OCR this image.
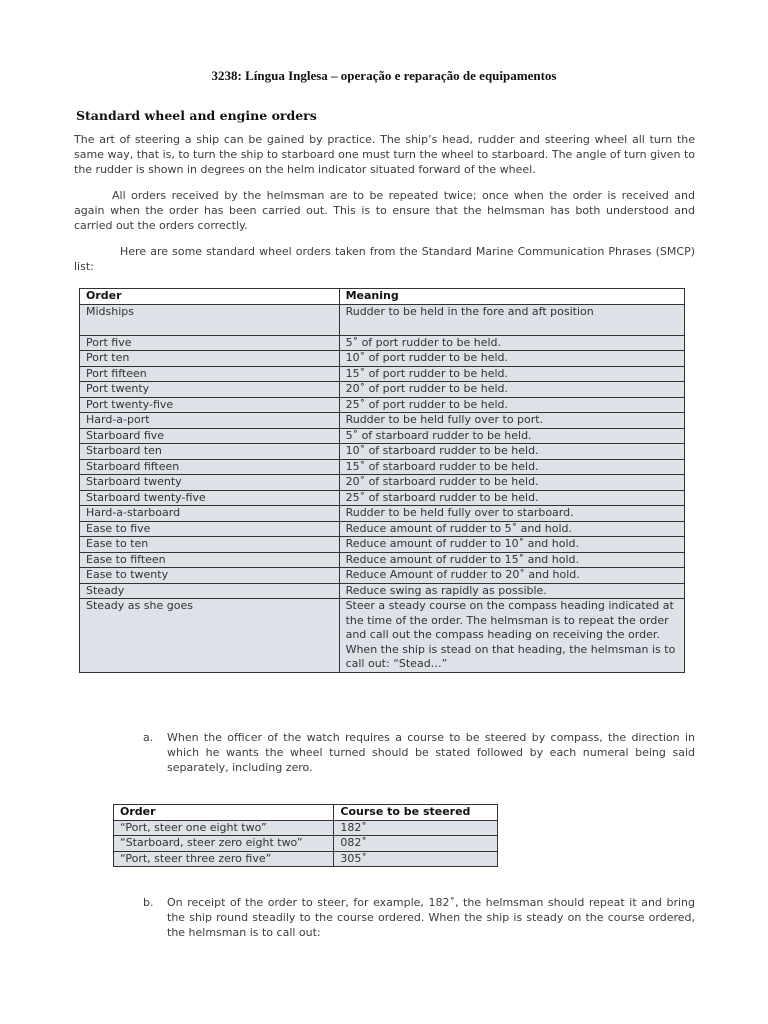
3238: Língua Inglesa – operação e reparação de equipamentos
Standard wheel and engine orders
The art of steering a ship can be gained by practice. The ship’s head, rudder and steering wheel all turn the same way, that is, to turn the ship to starboard one must turn the wheel to starboard. The angle of turn given to the rudder is shown in degrees on the helm indicator situated forward of the wheel.
All orders received by the helmsman are to be repeated twice; once when the order is received and again when the order has been carried out. This is to ensure that the helmsman has both understood and carried out the orders correctly.
Here are some standard wheel orders taken from the Standard Marine Communication Phrases (SMCP) list:
Order	Meaning
Midships	Rudder to be held in the fore and aft position
Port five	5˚ of port rudder to be held.
Port ten	10˚ of port rudder to be held.
Port fifteen	15˚ of port rudder to be held.
Port twenty	20˚ of port rudder to be held.
Port twenty-five	25˚ of port rudder to be held.
Hard-a-port	Rudder to be held fully over to port.
Starboard five	5˚ of starboard rudder to be held.
Starboard ten	10˚ of starboard rudder to be held.
Starboard fifteen	15˚ of starboard rudder to be held.
Starboard twenty	20˚ of starboard rudder to be held.
Starboard twenty-five	25˚ of starboard rudder to be held.
Hard-a-starboard	Rudder to be held fully over to starboard.
Ease to five	Reduce amount of rudder to 5˚ and hold.
Ease to ten	Reduce amount of rudder to 10˚ and hold.
Ease to fifteen	Reduce amount of rudder to 15˚ and hold.
Ease to twenty	Reduce Amount of rudder to 20˚ and hold.
Steady	Reduce swing as rapidly as possible.
Steady as she goes	Steer a steady course on the compass heading indicated at the time of the order. The helmsman is to repeat the order and call out the compass heading on receiving the order. When the ship is stead on that heading, the helmsman is to call out: “Stead…”
a. When the officer of the watch requires a course to be steered by compass, the direction in which he wants the wheel turned should be stated followed by each numeral being said separately, including zero.
Order	Course to be steered
“Port, steer one eight two”	182˚
“Starboard, steer zero eight two”	082˚
“Port, steer three zero five”	305˚
b. On receipt of the order to steer, for example, 182˚, the helmsman should repeat it and bring the ship round steadily to the course ordered. When the ship is steady on the course ordered, the helmsman is to call out:
